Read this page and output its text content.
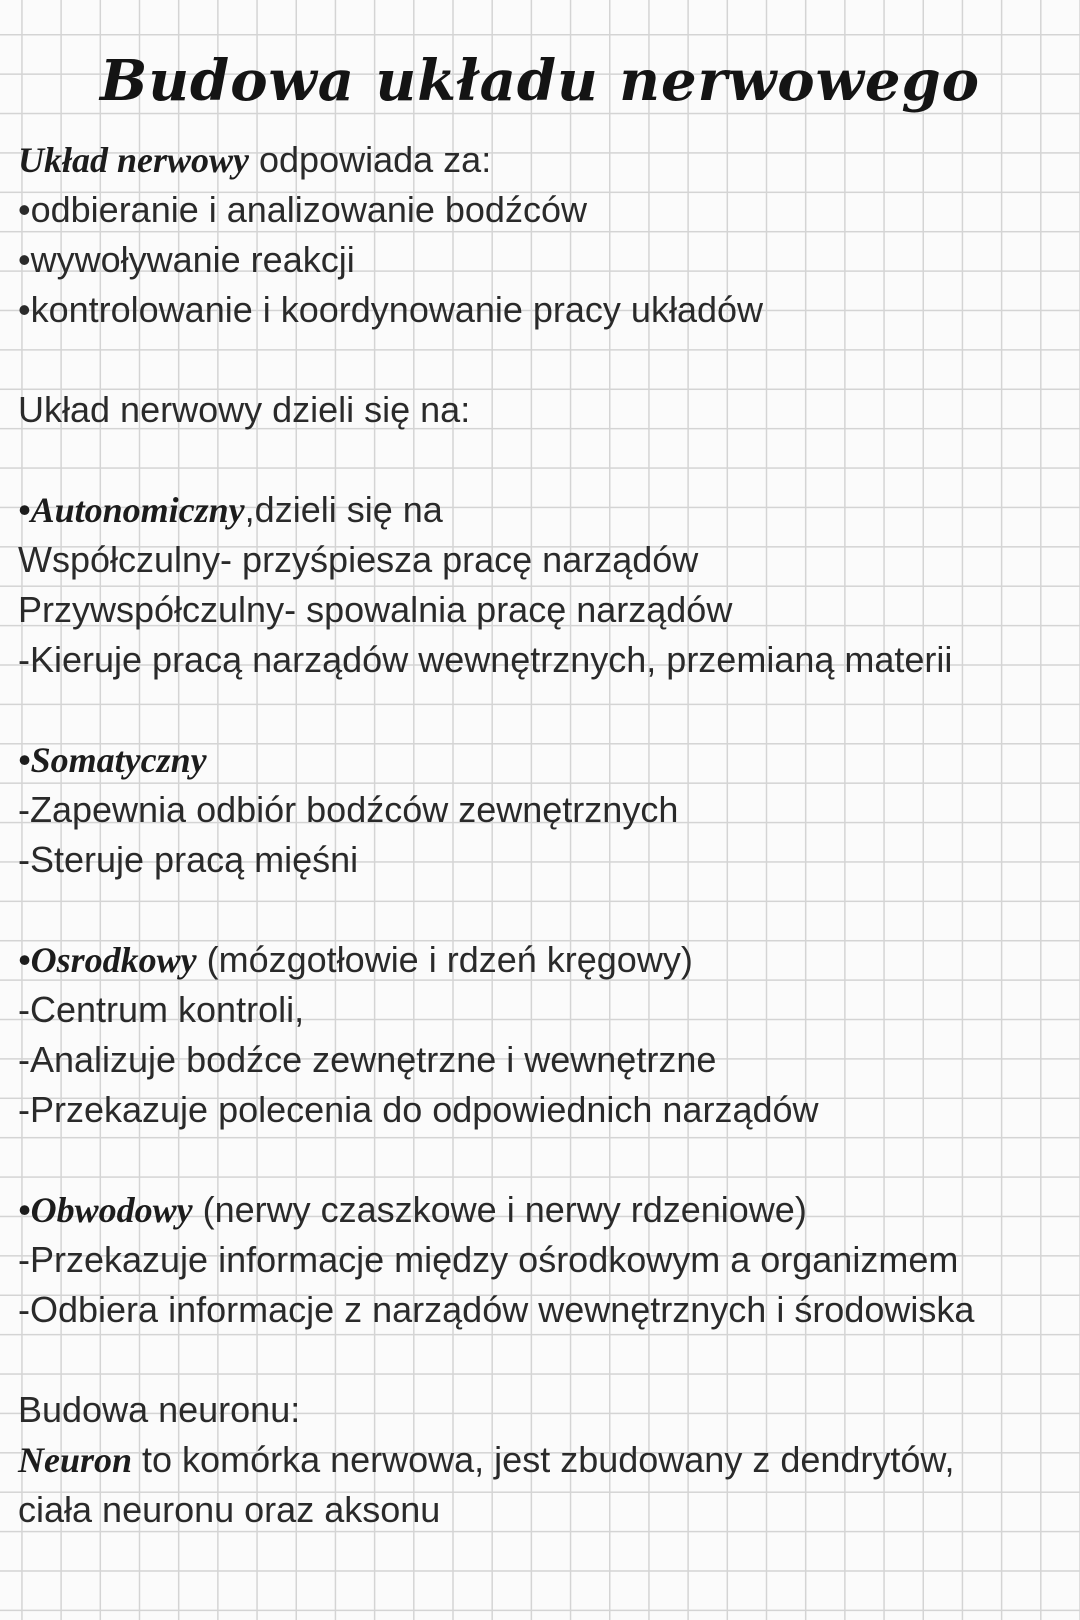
Budowa układu nerwowego
Układ nerwowy odpowiada za:
•odbieranie i analizowanie bodźców
•wywoływanie reakcji
•kontrolowanie i koordynowanie pracy układów
Układ nerwowy dzieli się na:
•Autonomiczny,dzieli się na
Współczulny- przyśpiesza pracę narządów
Przywspółczulny- spowalnia pracę narządów
-Kieruje pracą narządów wewnętrznych, przemianą materii
•Somatyczny
-Zapewnia odbiór bodźców zewnętrznych
-Steruje pracą mięśni
•Osrodkowy (mózgotłowie i rdzeń kręgowy)
-Centrum kontroli,
-Analizuje bodźce zewnętrzne i wewnętrzne
-Przekazuje polecenia do odpowiednich narządów
•Obwodowy (nerwy czaszkowe i nerwy rdzeniowe)
-Przekazuje informacje między ośrodkowym a organizmem
-Odbiera informacje z narządów wewnętrznych i środowiska
Budowa neuronu:
Neuron to komórka nerwowa, jest zbudowany z dendrytów,
ciała neuronu oraz aksonu
